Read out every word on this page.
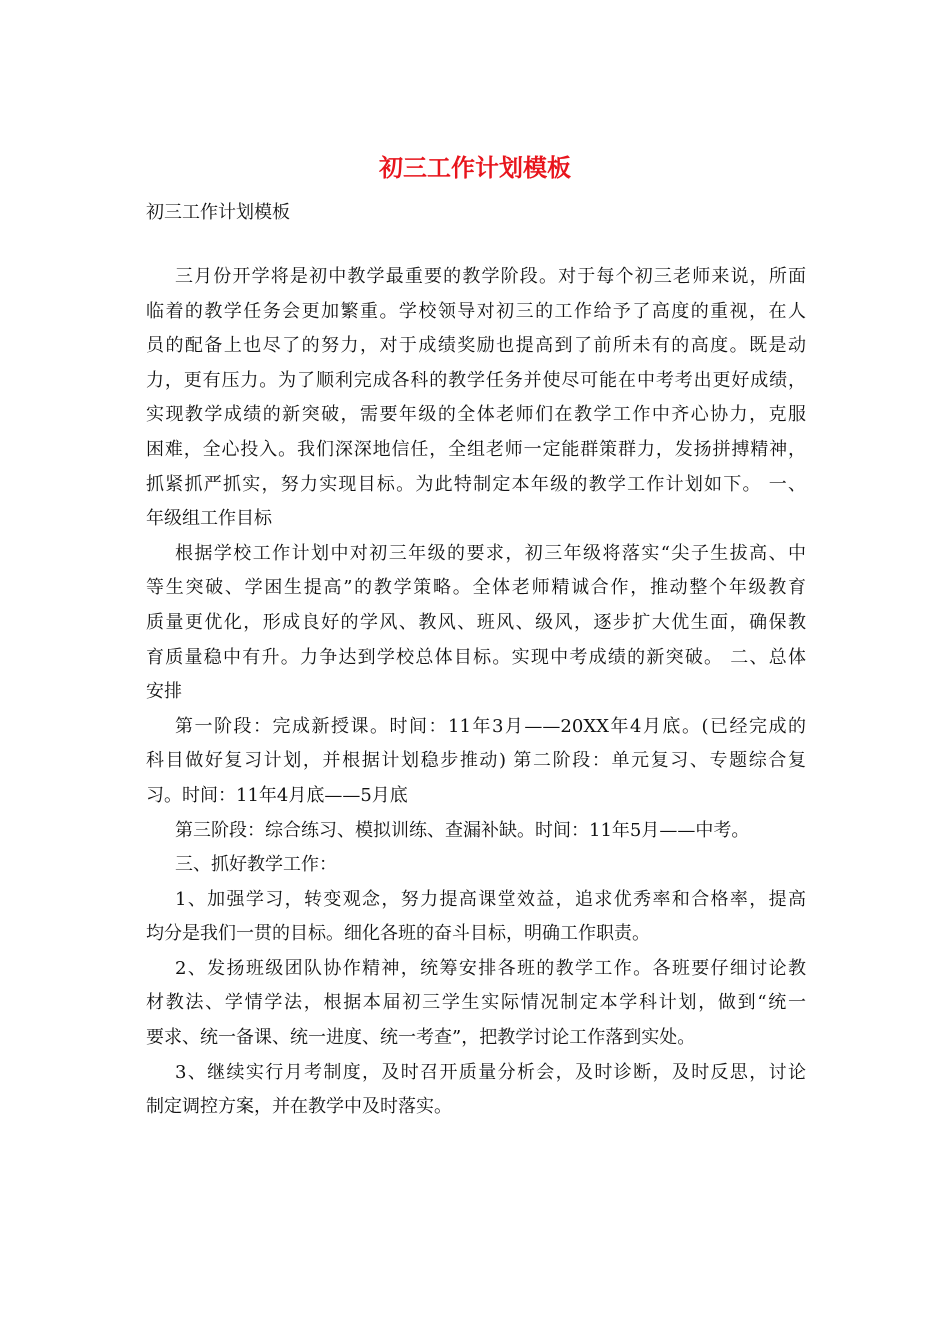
初三工作计划模板
初三工作计划模板
三月份开学将是初中教学最重要的教学阶段。对于每个初三老师来说，所面
临着的教学任务会更加繁重。学校领导对初三的工作给予了高度的重视，在人
员的配备上也尽了的努力，对于成绩奖励也提高到了前所未有的高度。既是动
力，更有压力。为了顺利完成各科的教学任务并使尽可能在中考考出更好成绩，
实现教学成绩的新突破，需要年级的全体老师们在教学工作中齐心协力，克服
困难，全心投入。我们深深地信任，全组老师一定能群策群力，发扬拼搏精神，
抓紧抓严抓实，努力实现目标。为此特制定本年级的教学工作计划如下。 一、
年级组工作目标
根据学校工作计划中对初三年级的要求，初三年级将落实“尖子生拔高、中
等生突破、学困生提高”的教学策略。全体老师精诚合作，推动整个年级教育
质量更优化，形成良好的学风、教风、班风、级风，逐步扩大优生面，确保教
育质量稳中有升。力争达到学校总体目标。实现中考成绩的新突破。 二、总体
安排
第一阶段：完成新授课。时间：11年3月——20XX年4月底。(已经完成的
科目做好复习计划，并根据计划稳步推动) 第二阶段：单元复习、专题综合复
习。时间：11年4月底——5月底
第三阶段：综合练习、模拟训练、查漏补缺。时间：11年5月——中考。
三、抓好教学工作：
1、加强学习，转变观念，努力提高课堂效益，追求优秀率和合格率，提高
均分是我们一贯的目标。细化各班的奋斗目标，明确工作职责。
2、发扬班级团队协作精神，统筹安排各班的教学工作。各班要仔细讨论教
材教法、学情学法，根据本届初三学生实际情况制定本学科计划，做到“统一
要求、统一备课、统一进度、统一考查”，把教学讨论工作落到实处。
3、继续实行月考制度，及时召开质量分析会，及时诊断，及时反思，讨论
制定调控方案，并在教学中及时落实。
